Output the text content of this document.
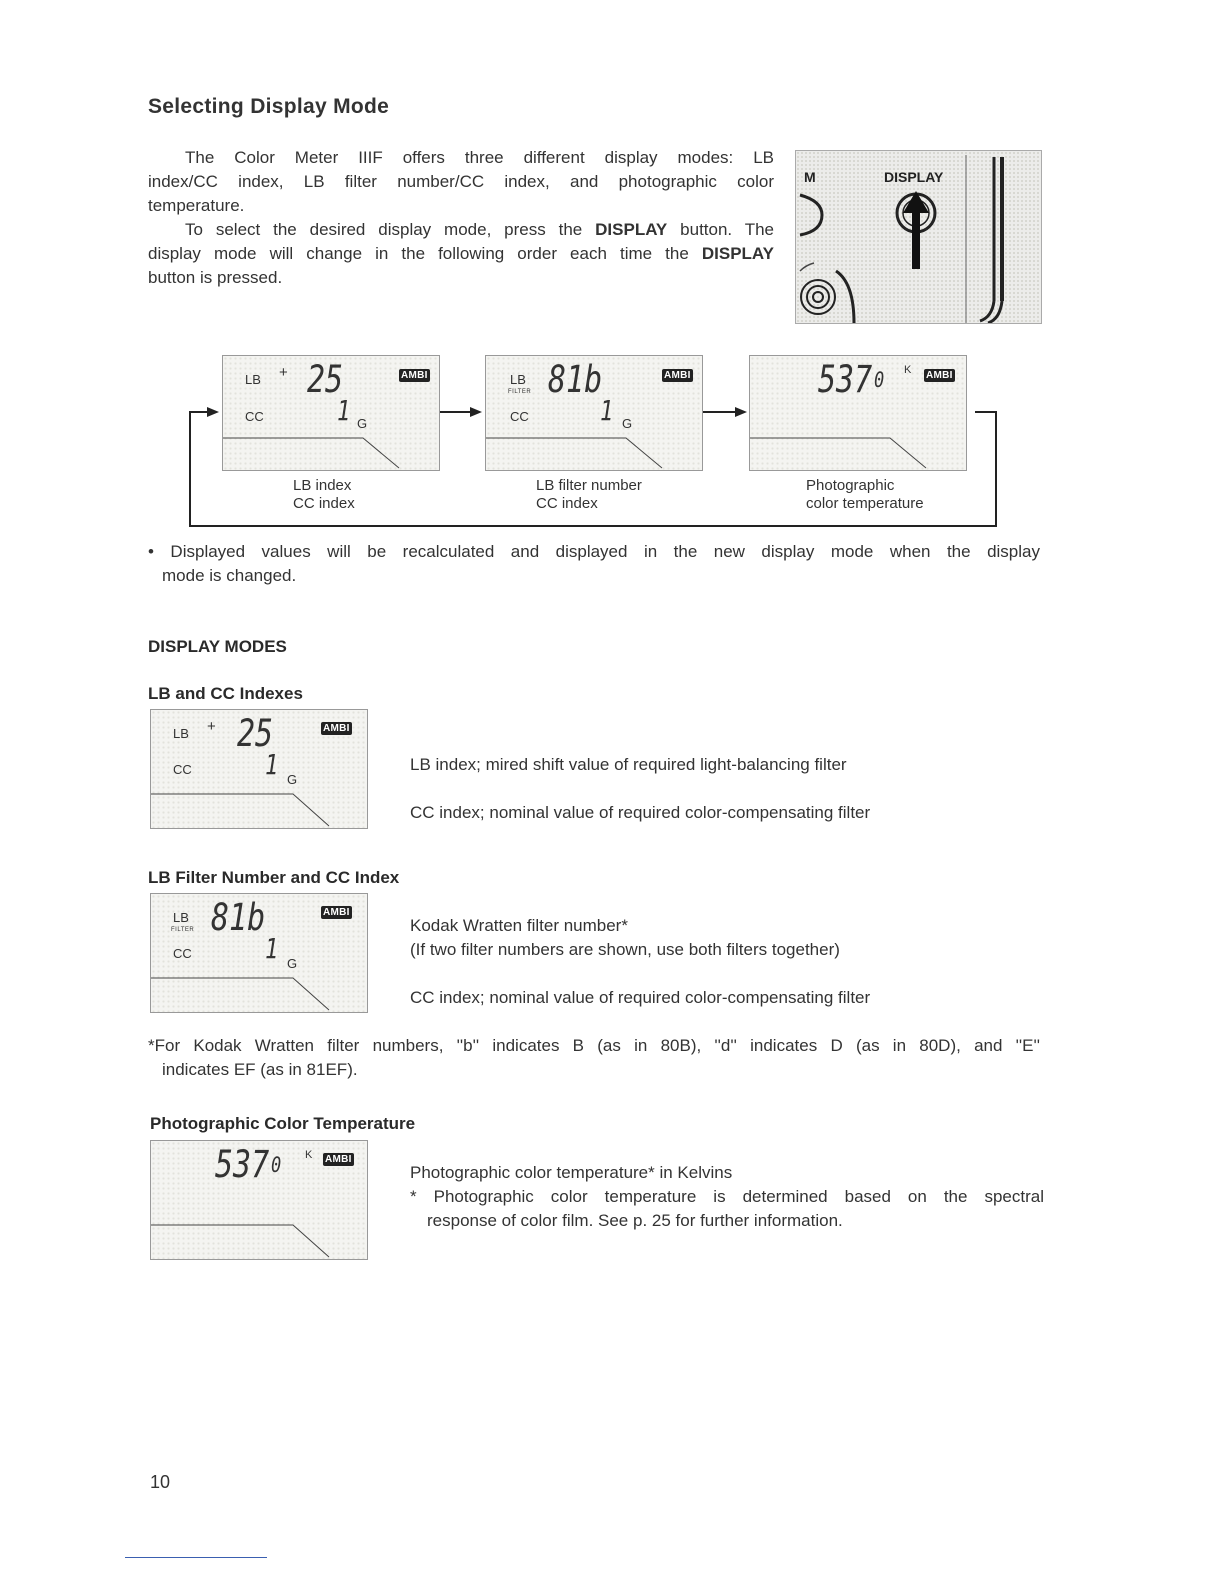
Selecting Display Mode
The Color Meter IIIF offers three different display modes: LB
index/CC index, LB filter number/CC index, and photographic color
temperature.
To select the desired display mode, press the DISPLAY button. The
display mode will change in the following order each time the DISPLAY
button is pressed.
M	DISPLAY
LB + 25	AMBI
CC	1 G
LB
FILTER 81b	AMBI
CC	1 G
537 0 K AMBI
LB index
CC index
LB filter number
CC index
Photographic
color temperature
• Displayed values will be recalculated and displayed in the new display mode when the display
mode is changed.
DISPLAY MODES
LB and CC Indexes
LB + 25	AMBI
CC	1 G
LB index; mired shift value of required light-balancing filter
CC index; nominal value of required color-compensating filter
LB Filter Number and CC Index
LB
FILTER 81b	AMBI
CC	1 G
Kodak Wratten filter number*
(If two filter numbers are shown, use both filters together)
CC index; nominal value of required color-compensating filter
*For Kodak Wratten filter numbers, ''b'' indicates B (as in 80B), ''d'' indicates D (as in 80D), and ''E''
indicates EF (as in 81EF).
Photographic Color Temperature
537 0 K AMBI
Photographic color temperature* in Kelvins
* Photographic color temperature is determined based on the spectral
response of color film. See p. 25 for further information.
10
